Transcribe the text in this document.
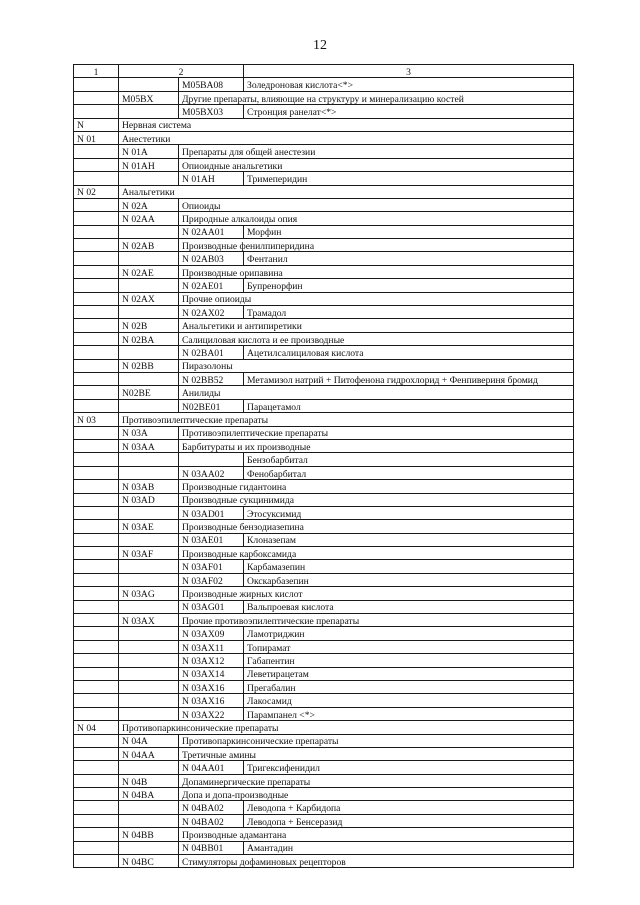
12
1	2		3
		M05BA08	Золедроновая кислота<*>
	M05BX	Другие препараты, влияющие на структуру и минерализацию костей	
		M05BX03	Стронция ранелат<*>
N	Нервная система		
N 01	Анестетики		
	N 01A	Препараты для общей анестезии	
	N 01AH	Опиоидные анальгетики	
		N 01AH	Тримеперидин
N 02	Анальгетики		
	N 02A	Опиоиды	
	N 02AA	Природные алкалоиды опия	
		N 02AA01	Морфин
	N 02AB	Производные фенилпиперидина	
		N 02AB03	Фентанил
	N 02AE	Производные орипавина	
		N 02AE01	Бупренорфин
	N 02AX	Прочие опиоиды	
		N 02AX02	Трамадол
	N 02B	Анальгетики и антипиретики	
	N 02BA	Салициловая кислота и ее производные	
		N 02BA01	Ацетилсалициловая кислота
	N 02BB	Пиразолоны	
		N 02BB52	Метамизол натрий + Питофенона гидрохлорид + Фенпивериня бромид
	N02BE	Анилиды	
		N02BE01	Парацетамол
N 03	Противоэпилептические препараты		
	N 03A	Противоэпилептические препараты	
	N 03AA	Барбитураты и их производные	
			Бензобарбитал
		N 03AA02	Фенобарбитал
	N 03AB	Производные гидантоина	
	N 03AD	Производные сукцинимида	
		N 03AD01	Этосуксимид
	N 03AE	Производные бензодиазепина	
		N 03AE01	Клоназепам
	N 03AF	Производные карбоксамида	
		N 03AF01	Карбамазепин
		N 03AF02	Окскарбазепин
	N 03AG	Производные жирных кислот	
		N 03AG01	Вальпроевая кислота
	N 03AX	Прочие противоэпилептические препараты	
		N 03AX09	Ламотриджин
		N 03AX11	Топирамат
		N 03AX12	Габапентин
		N 03AX14	Леветирацетам
		N 03AX16	Прегабалин
		N 03AX16	Лакосамид
		N 03AX22	Парампанел <*>
N 04	Противопаркинсонические препараты		
	N 04A	Противопаркинсонические препараты	
	N 04AA	Третичные амины	
		N 04AA01	Тригексифенидил
	N 04B	Допаминергические препараты	
	N 04BA	Допа и допа-производные	
		N 04BA02	Леводопа + Карбидопа
		N 04BA02	Леводопа + Бенсеразид
	N 04BB	Производные адамантана	
		N 04BB01	Амантадин
	N 04BC	Стимуляторы дофаминовых рецепторов	
